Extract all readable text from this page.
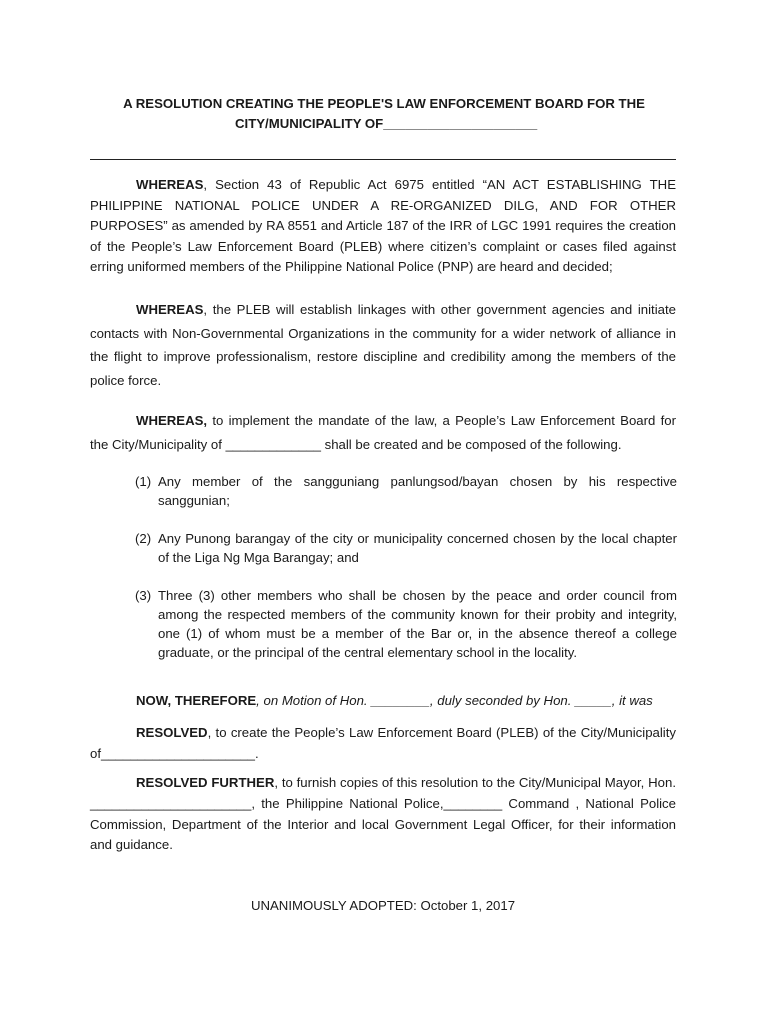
A RESOLUTION CREATING THE PEOPLE'S LAW ENFORCEMENT BOARD FOR THE
CITY/MUNICIPALITY OF_____________________

WHEREAS, Section 43 of Republic Act 6975 entitled “AN ACT ESTABLISHING THE PHILIPPINE NATIONAL POLICE UNDER A RE-ORGANIZED DILG, AND FOR OTHER PURPOSES” as amended by RA 8551 and Article 187 of the IRR of LGC 1991 requires the creation of the People’s Law Enforcement Board (PLEB) where citizen’s complaint or cases filed against erring uniformed members of the Philippine National Police (PNP) are heard and decided;

WHEREAS, the PLEB will establish linkages with other government agencies and initiate contacts with Non-Governmental Organizations in the community for a wider network of alliance in the flight to improve professionalism, restore discipline and credibility among the members of the police force.

WHEREAS, to implement the mandate of the law, a People’s Law Enforcement Board for the City/Municipality of _____________ shall be created and be composed of the following.

(1) Any member of the sangguniang panlungsod/bayan chosen by his respective sanggunian;
(2) Any Punong barangay of the city or municipality concerned chosen by the local chapter of the Liga Ng Mga Barangay; and
(3) Three (3) other members who shall be chosen by the peace and order council from among the respected members of the community known for their probity and integrity, one (1) of whom must be a member of the Bar or, in the absence thereof a college graduate, or the principal of the central elementary school in the locality.

NOW, THEREFORE, on Motion of Hon. ________, duly seconded by Hon. _____, it was

RESOLVED, to create the People’s Law Enforcement Board (PLEB) of the City/Municipality of_____________________.

RESOLVED FURTHER, to furnish copies of this resolution to the City/Municipal Mayor, Hon. ______________________, the Philippine National Police,________ Command , National Police Commission, Department of the Interior and local Government Legal Officer, for their information and guidance.

UNANIMOUSLY ADOPTED: October 1, 2017
